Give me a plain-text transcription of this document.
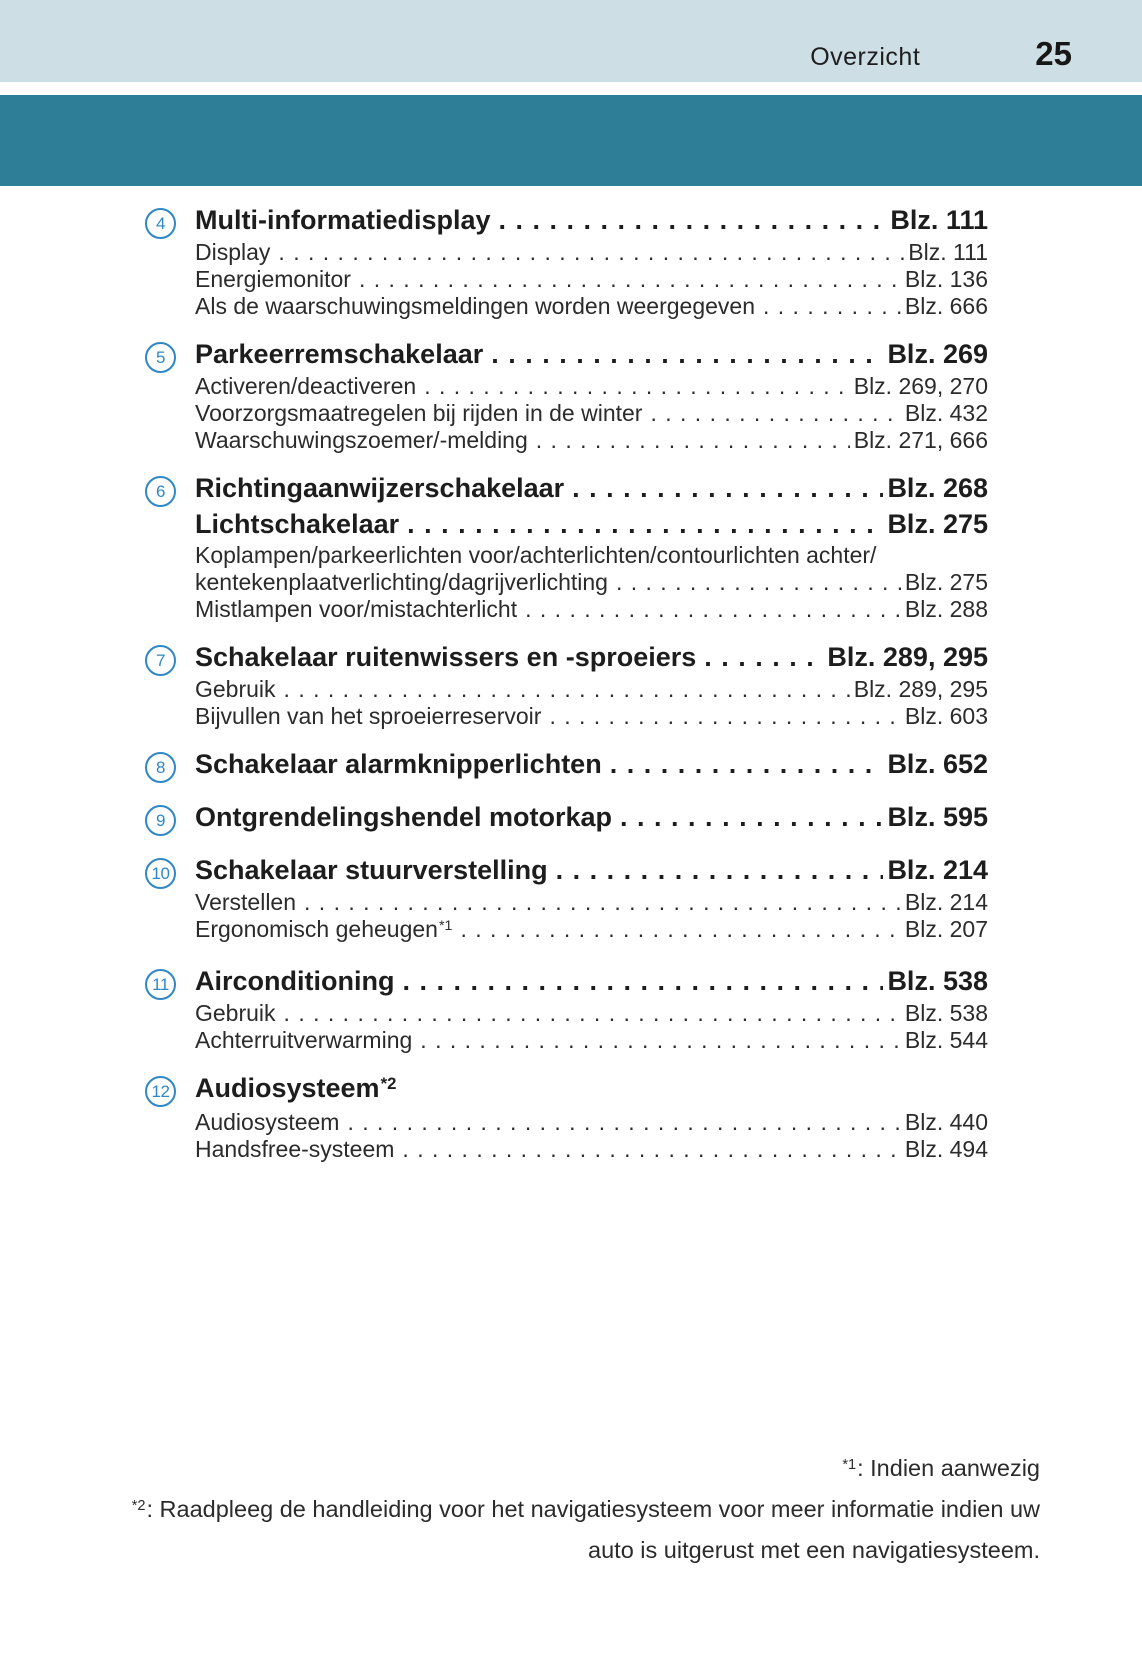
Overzicht	25
4	Multi-informatiedisplay . . .	Blz. 111
Display . . .	Blz. 111
Energiemonitor . . .	Blz. 136
Als de waarschuwingsmeldingen worden weergegeven . . .	Blz. 666
5	Parkeerremschakelaar . . .	Blz. 269
Activeren/deactiveren . . .	Blz. 269, 270
Voorzorgsmaatregelen bij rijden in de winter . . .	Blz. 432
Waarschuwingszoemer/-melding . . .	Blz. 271, 666
6	Richtingaanwijzerschakelaar . . .	Blz. 268
Lichtschakelaar . . .	Blz. 275
Koplampen/parkeerlichten voor/achterlichten/contourlichten achter/
kentekenplaatverlichting/dagrijverlichting . . .	Blz. 275
Mistlampen voor/mistachterlicht . . .	Blz. 288
7	Schakelaar ruitenwissers en -sproeiers . . .	Blz. 289, 295
Gebruik . . .	Blz. 289, 295
Bijvullen van het sproeierreservoir . . .	Blz. 603
8	Schakelaar alarmknipperlichten . . .	Blz. 652
9	Ontgrendelingshendel motorkap . . .	Blz. 595
10 Schakelaar stuurverstelling . . .	Blz. 214
Verstellen . . .	Blz. 214
Ergonomisch geheugen$^{*1}$ . . .	Blz. 207
11 Airconditioning . . .	Blz. 538
Gebruik . . .	Blz. 538
Achterruitverwarming . . .	Blz. 544
12 Audiosysteem$^{*2}$
Audiosysteem . . .	Blz. 440
Handsfree-systeem . . .	Blz. 494
$^{*1}$: Indien aanwezig
$^{*2}$: Raadpleeg de handleiding voor het navigatiesysteem voor meer informatie indien uw
auto is uitgerust met een navigatiesysteem.
